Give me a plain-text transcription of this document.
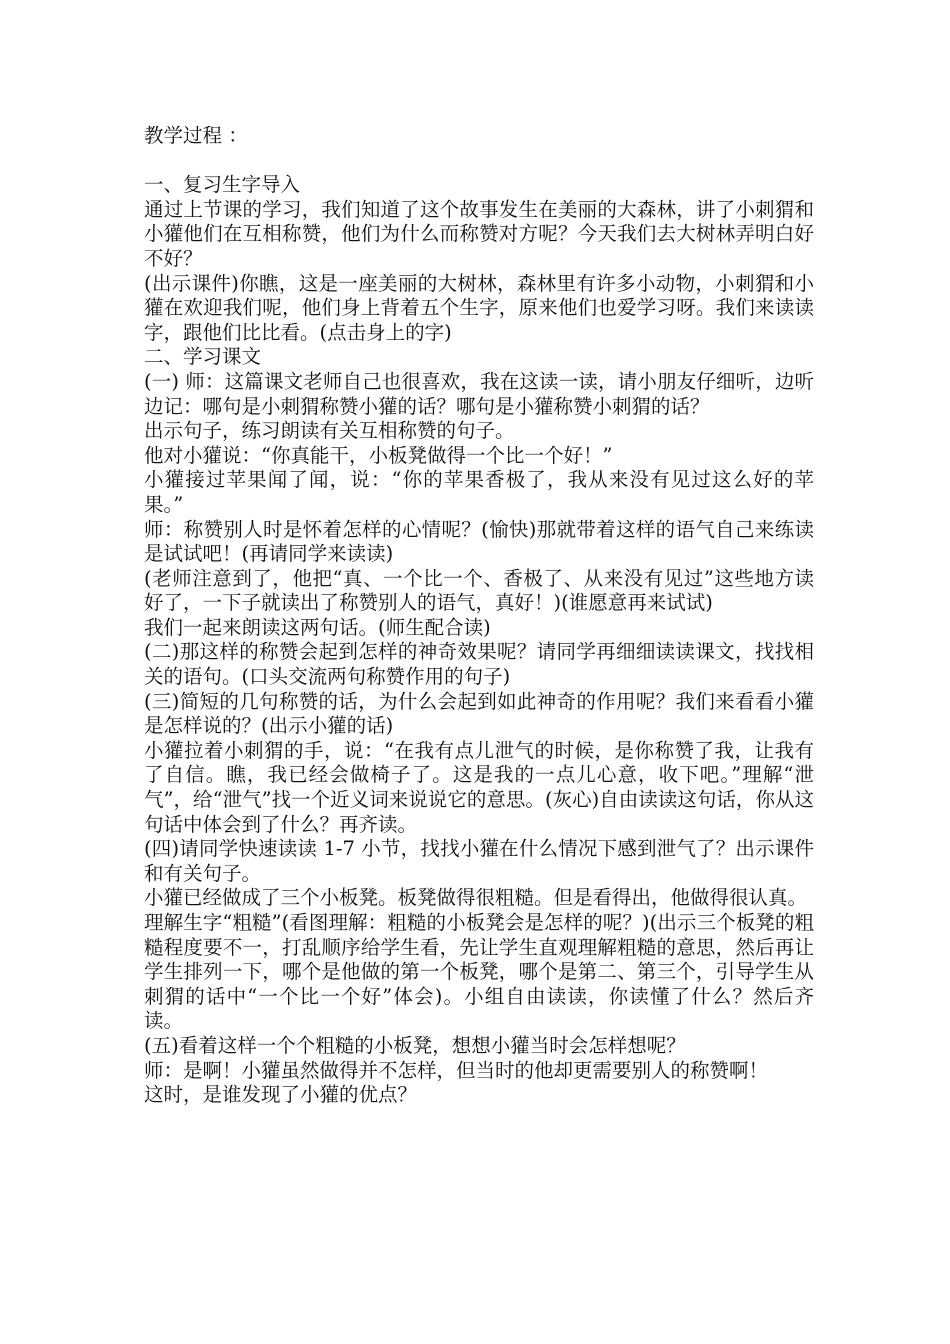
教学过程 ：

一、复习生字导入

通过上节课的学习，我们知道了这个故事发生在美丽的大森林，讲了小刺猬和小獾他们在互相称赞，他们为什么而称赞对方呢？今天我们去大树林弄明白好不好？

(出示课件)你瞧，这是一座美丽的大树林，森林里有许多小动物，小刺猬和小獾在欢迎我们呢，他们身上背着五个生字，原来他们也爱学习呀。我们来读读字，跟他们比比看。(点击身上的字)

二、学习课文

(一) 师：这篇课文老师自己也很喜欢，我在这读一读，请小朋友仔细听，边听边记：哪句是小刺猬称赞小獾的话？哪句是小獾称赞小刺猬的话？

出示句子，练习朗读有关互相称赞的句子。

他对小獾说：“你真能干，小板凳做得一个比一个好！”

小獾接过苹果闻了闻，说：“你的苹果香极了，我从来没有见过这么好的苹果。”

师：称赞别人时是怀着怎样的心情呢？(愉快)那就带着这样的语气自己来练读是试试吧！(再请同学来读读)

(老师注意到了，他把“真、一个比一个、香极了、从来没有见过”这些地方读好了，一下子就读出了称赞别人的语气，真好！)(谁愿意再来试试)

我们一起来朗读这两句话。(师生配合读)

(二)那这样的称赞会起到怎样的神奇效果呢？请同学再细细读读课文，找找相关的语句。(口头交流两句称赞作用的句子)

(三)简短的几句称赞的话，为什么会起到如此神奇的作用呢？我们来看看小獾是怎样说的？(出示小獾的话)

小獾拉着小刺猬的手，说：“在我有点儿泄气的时候，是你称赞了我，让我有了自信。瞧，我已经会做椅子了。这是我的一点儿心意，收下吧。”理解“泄气”，给“泄气”找一个近义词来说说它的意思。(灰心)自由读读这句话，你从这句话中体会到了什么？再齐读。

(四)请同学快速读读 1-7 小节，找找小獾在什么情况下感到泄气了？出示课件和有关句子。

小獾已经做成了三个小板凳。板凳做得很粗糙。但是看得出，他做得很认真。

理解生字“粗糙”(看图理解：粗糙的小板凳会是怎样的呢？)(出示三个板凳的粗糙程度要不一，打乱顺序给学生看，先让学生直观理解粗糙的意思，然后再让学生排列一下，哪个是他做的第一个板凳，哪个是第二、第三个，引导学生从刺猬的话中“一个比一个好”体会)。小组自由读读，你读懂了什么？然后齐读。

(五)看着这样一个个粗糙的小板凳，想想小獾当时会怎样想呢？

师：是啊！小獾虽然做得并不怎样，但当时的他却更需要别人的称赞啊！

这时，是谁发现了小獾的优点？
